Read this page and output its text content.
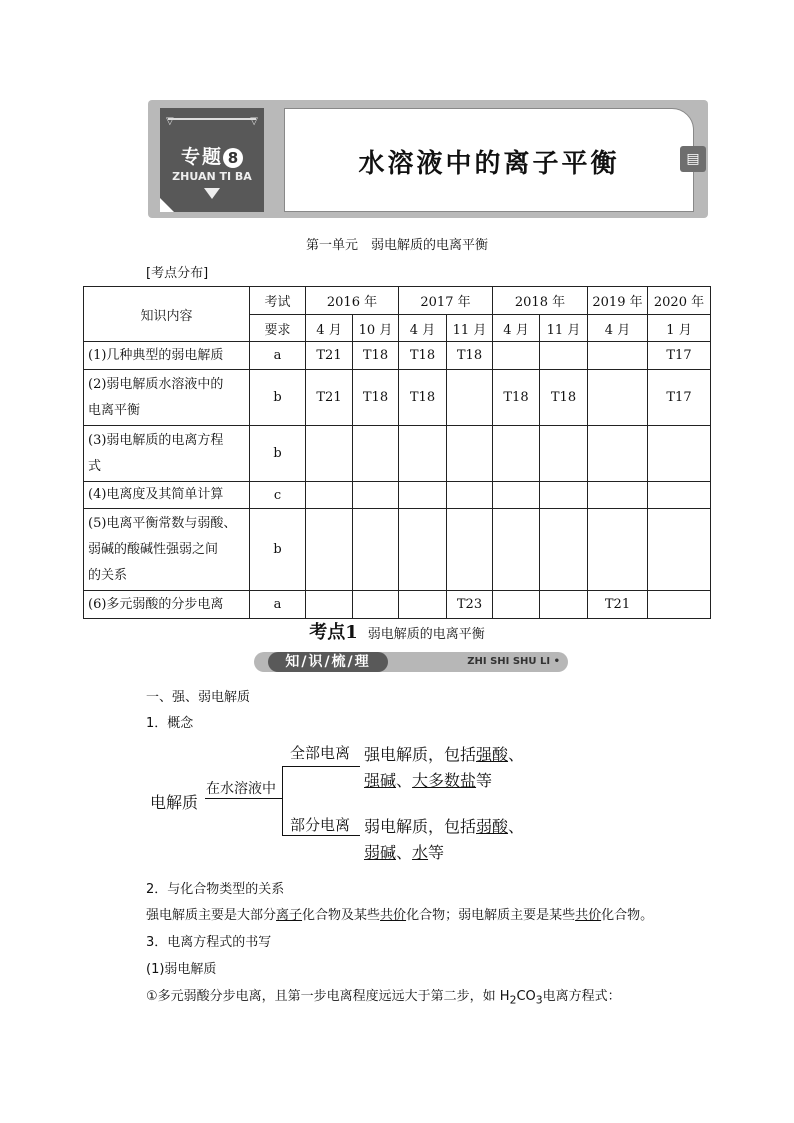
▽	▽
专题 8
ZHUAN TI BA	水溶液中的离子平衡	▤
第一单元　弱电解质的电离平衡
[考点分布]
知识内容	考试	2016 年		2017 年		2018 年		2019 年	2020 年
	要求	4 月	10 月	4 月	11 月	4 月	11 月	4 月	1 月
(1)几种典型的弱电解质	a	T21	T18	T18	T18				T17
(2)弱电解质水溶液中的
电离平衡	b	T21	T18	T18		T18	T18		T17
(3)弱电解质的电离方程
式	b								
(4)电离度及其简单计算	c								
(5)电离平衡常数与弱酸、
弱碱的酸碱性强弱之间
的关系	b								
(6)多元弱酸的分步电离	a				T23			T21	
考点1 弱电解质的电离平衡
知/识/梳/理	ZHI SHI SHU LI •
一、强、弱电解质
1．概念
电解质
在水溶液中
全部电离
部分电离
强电解质，包括强酸、
强碱、大多数盐等
弱电解质，包括弱酸、
弱碱、水等
2．与化合物类型的关系
强电解质主要是大部分离子化合物及某些共价化合物；弱电解质主要是某些共价化合物。
3．电离方程式的书写
(1)弱电解质
①多元弱酸分步电离，且第一步电离程度远远大于第二步，如 $H_2CO_3$电离方程式：
